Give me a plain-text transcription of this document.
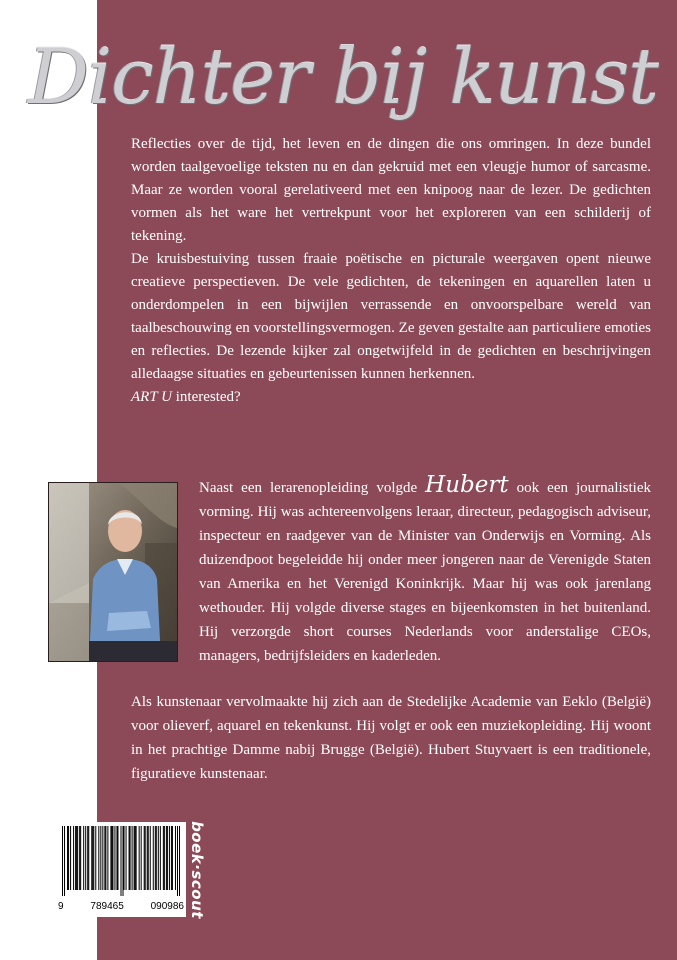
Dichter bij kunst

Reflecties over de tijd, het leven en de dingen die ons omringen. In deze bundel worden taalgevoelige teksten nu en dan gekruid met een vleugje humor of sarcasme. Maar ze worden vooral gerelativeerd met een knipoog naar de lezer. De gedichten vormen als het ware het vertrekpunt voor het exploreren van een schilderij of tekening.

De kruisbestuiving tussen fraaie poëtische en picturale weergaven opent nieuwe creatieve perspectieven. De vele gedichten, de tekeningen en aquarellen laten u onderdompelen in een bijwijlen verrassende en onvoorspelbare wereld van taalbeschouwing en voorstellingsvermogen. Ze geven gestalte aan particuliere emoties en reflecties. De lezende kijker zal ongetwijfeld in de gedichten en beschrijvingen alledaagse situaties en gebeurtenissen kunnen herkennen.

ART U interested?

Naast een lerarenopleiding volgde Hubert ook een journalistiek vorming. Hij was achtereenvolgens leraar, directeur, pedagogisch adviseur, inspecteur en raadgever van de Minister van Onderwijs en Vorming. Als duizendpoot begeleidde hij onder meer jongeren naar de Verenigde Staten van Amerika en het Verenigd Koninkrijk. Maar hij was ook jarenlang wethouder. Hij volgde diverse stages en bijeenkomsten in het buitenland. Hij verzorgde short courses Nederlands voor anderstalige CEOs, managers, bedrijfsleiders en kaderleden.

Als kunstenaar vervolmaakte hij zich aan de Stedelijke Academie van Eeklo (België) voor olieverf, aquarel en tekenkunst. Hij volgt er ook een muziekopleiding. Hij woont in het prachtige Damme nabij Brugge (België). Hubert Stuyvaert is een traditionele, figuratieve kunstenaar.

9	789465	090986 boek·scout
